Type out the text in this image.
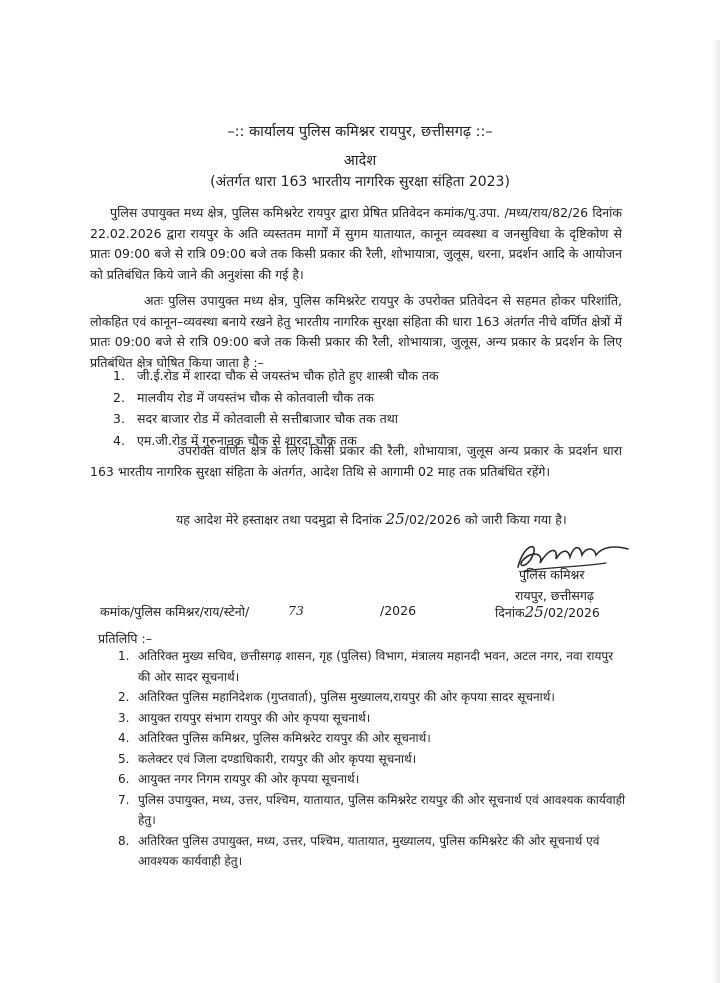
–:: कार्यालय पुलिस कमिश्नर रायपुर, छत्तीसगढ़ ::–
आदेश
(अंतर्गत धारा 163 भारतीय नागरिक सुरक्षा संहिता 2023)
पुलिस उपायुक्त मध्य क्षेत्र, पुलिस कमिश्नरेट रायपुर द्वारा प्रेषित प्रतिवेदन कमांक/पु.उपा. /मध्य/राय/82/26 दिनांक 22.02.2026 द्वारा रायपुर के अति व्यस्ततम मार्गों में सुगम यातायात, कानून व्यवस्था व जनसुविधा के दृष्टिकोण से प्रातः 09:00 बजे से रात्रि 09:00 बजे तक किसी प्रकार की रैली, शोभायात्रा, जुलूस, धरना, प्रदर्शन आदि के आयोजन को प्रतिबंधित किये जाने की अनुशंसा की गई है।
अतः पुलिस उपायुक्त मध्य क्षेत्र, पुलिस कमिश्नरेट रायपुर के उपरोक्त प्रतिवेदन से सहमत होकर परिशांति, लोकहित एवं कानून–व्यवस्था बनाये रखने हेतु भारतीय नागरिक सुरक्षा संहिता की धारा 163 अंतर्गत नीचे वर्णित क्षेत्रों में प्रातः 09:00 बजे से रात्रि 09:00 बजे तक किसी प्रकार की रैली, शोभायात्रा, जुलूस, अन्य प्रकार के प्रदर्शन के लिए प्रतिबंधित क्षेत्र घोषित किया जाता है :–
1. जी.ई.रोड में शारदा चौक से जयस्तंभ चौक होते हुए शास्त्री चौक तक
2. मालवीय रोड में जयस्तंभ चौक से कोतवाली चौक तक
3. सदर बाजार रोड में कोतवाली से सत्तीबाजार चौक तक तथा
4. एम.जी.रोड में गुरुनानक चौक से शारदा चौक तक
उपरोक्त वर्णित क्षेत्र के लिए किसी प्रकार की रैली, शोभायात्रा, जुलूस अन्य प्रकार के प्रदर्शन धारा 163 भारतीय नागरिक सुरक्षा संहिता के अंतर्गत, आदेश तिथि से आगामी 02 माह तक प्रतिबंधित रहेंगे।
यह आदेश मेरे हस्ताक्षर तथा पदमुद्रा से दिनांक 25/02/2026 को जारी किया गया है।
पुलिस कमिश्नर
रायपुर, छत्तीसगढ़
कमांक/पुलिस कमिश्नर/राय/स्टेनो/	73	/2026	दिनांक25/02/2026
प्रतिलिपि :–
1. अतिरिक्त मुख्य सचिव, छत्तीसगढ़ शासन, गृह (पुलिस) विभाग, मंत्रालय महानदी भवन, अटल नगर, नवा रायपुर की ओर सादर सूचनार्थ।
2. अतिरिक्त पुलिस महानिदेशक (गुप्तवार्ता), पुलिस मुख्यालय,रायपुर की ओर कृपया सादर सूचनार्थ।
3. आयुक्त रायपुर संभाग रायपुर की ओर कृपया सूचनार्थ।
4. अतिरिक्त पुलिस कमिश्नर, पुलिस कमिश्नरेट रायपुर की ओर सूचनार्थ।
5. कलेक्टर एवं जिला दण्डाधिकारी, रायपुर की ओर कृपया सूचनार्थ।
6. आयुक्त नगर निगम रायपुर की ओर कृपया सूचनार्थ।
7. पुलिस उपायुक्त, मध्य, उत्तर, पश्चिम, यातायात, पुलिस कमिश्नरेट रायपुर की ओर सूचनार्थ एवं आवश्यक कार्यवाही हेतु।
8. अतिरिक्त पुलिस उपायुक्त, मध्य, उत्तर, पश्चिम, यातायात, मुख्यालय, पुलिस कमिश्नरेट की ओर सूचनार्थ एवं आवश्यक कार्यवाही हेतु।
